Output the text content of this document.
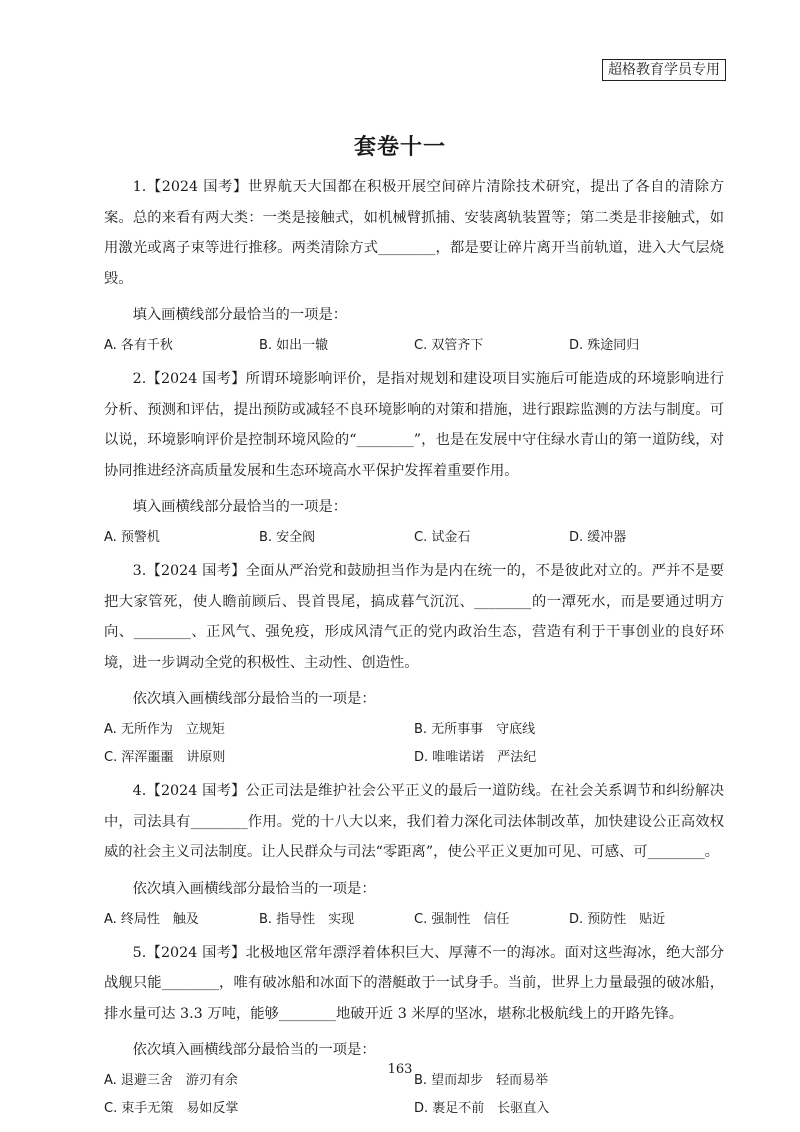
超格教育学员专用
套卷十一

1.【2024 国考】世界航天大国都在积极开展空间碎片清除技术研究，提出了各自的清除方案。总的来看有两大类：一类是接触式，如机械臂抓捕、安装离轨装置等；第二类是非接触式，如用激光或离子束等进行推移。两类清除方式________，都是要让碎片离开当前轨道，进入大气层烧毁。

填入画横线部分最恰当的一项是：

A. 各有千秋	B. 如出一辙	C. 双管齐下	D. 殊途同归

2.【2024 国考】所谓环境影响评价，是指对规划和建设项目实施后可能造成的环境影响进行分析、预测和评估，提出预防或减轻不良环境影响的对策和措施，进行跟踪监测的方法与制度。可以说，环境影响评价是控制环境风险的“________”，也是在发展中守住绿水青山的第一道防线，对协同推进经济高质量发展和生态环境高水平保护发挥着重要作用。

填入画横线部分最恰当的一项是：

A. 预警机	B. 安全阀	C. 试金石	D. 缓冲器

3.【2024 国考】全面从严治党和鼓励担当作为是内在统一的，不是彼此对立的。严并不是要把大家管死，使人瞻前顾后、畏首畏尾，搞成暮气沉沉、________的一潭死水，而是要通过明方向、________、正风气、强免疫，形成风清气正的党内政治生态，营造有利于干事创业的良好环境，进一步调动全党的积极性、主动性、创造性。

依次填入画横线部分最恰当的一项是：

A. 无所作为　立规矩	B. 无所事事　守底线
C. 浑浑噩噩　讲原则	D. 唯唯诺诺　严法纪

4.【2024 国考】公正司法是维护社会公平正义的最后一道防线。在社会关系调节和纠纷解决中，司法具有________作用。党的十八大以来，我们着力深化司法体制改革，加快建设公正高效权威的社会主义司法制度。让人民群众与司法“零距离”，使公平正义更加可见、可感、可________。

依次填入画横线部分最恰当的一项是：

A. 终局性　触及	B. 指导性　实现	C. 强制性　信任	D. 预防性　贴近

5.【2024 国考】北极地区常年漂浮着体积巨大、厚薄不一的海冰。面对这些海冰，绝大部分战舰只能________，唯有破冰船和冰面下的潜艇敢于一试身手。当前，世界上力量最强的破冰船，排水量可达 3.3 万吨，能够________地破开近 3 米厚的坚冰，堪称北极航线上的开路先锋。

依次填入画横线部分最恰当的一项是：

A. 退避三舍　游刃有余	B. 望而却步　轻而易举
C. 束手无策　易如反掌	D. 裹足不前　长驱直入
163
